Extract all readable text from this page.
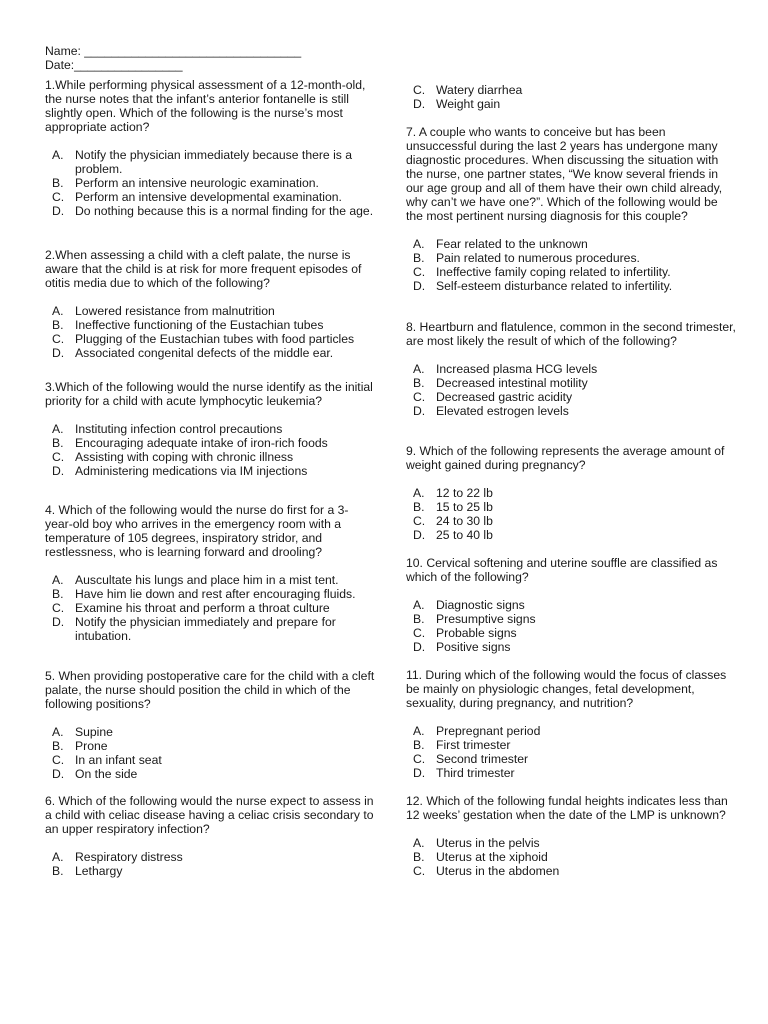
Name: ________________________________
Date:________________

1.While performing physical assessment of a 12-month-old, the nurse notes that the infant’s anterior fontanelle is still slightly open. Which of the following is the nurse’s most appropriate action?

A. Notify the physician immediately because there is a problem.
B. Perform an intensive neurologic examination.
C. Perform an intensive developmental examination.
D. Do nothing because this is a normal finding for the age.

2.When assessing a child with a cleft palate, the nurse is aware that the child is at risk for more frequent episodes of otitis media due to which of the following?

A. Lowered resistance from malnutrition
B. Ineffective functioning of the Eustachian tubes
C. Plugging of the Eustachian tubes with food particles
D. Associated congenital defects of the middle ear.

3.Which of the following would the nurse identify as the initial priority for a child with acute lymphocytic leukemia?

A. Instituting infection control precautions
B. Encouraging adequate intake of iron-rich foods
C. Assisting with coping with chronic illness
D. Administering medications via IM injections

4. Which of the following would the nurse do first for a 3-year-old boy who arrives in the emergency room with a temperature of 105 degrees, inspiratory stridor, and restlessness, who is learning forward and drooling?

A. Auscultate his lungs and place him in a mist tent.
B. Have him lie down and rest after encouraging fluids.
C. Examine his throat and perform a throat culture
D. Notify the physician immediately and prepare for intubation.

5. When providing postoperative care for the child with a cleft palate, the nurse should position the child in which of the following positions?

A. Supine
B. Prone
C. In an infant seat
D. On the side

6. Which of the following would the nurse expect to assess in a child with celiac disease having a celiac crisis secondary to an upper respiratory infection?

A. Respiratory distress
B. Lethargy
C. Watery diarrhea
D. Weight gain

7. A couple who wants to conceive but has been unsuccessful during the last 2 years has undergone many diagnostic procedures. When discussing the situation with the nurse, one partner states, “We know several friends in our age group and all of them have their own child already, why can’t we have one?”. Which of the following would be the most pertinent nursing diagnosis for this couple?

A. Fear related to the unknown
B. Pain related to numerous procedures.
C. Ineffective family coping related to infertility.
D. Self-esteem disturbance related to infertility.

8. Heartburn and flatulence, common in the second trimester, are most likely the result of which of the following?

A. Increased plasma HCG levels
B. Decreased intestinal motility
C. Decreased gastric acidity
D. Elevated estrogen levels

9. Which of the following represents the average amount of weight gained during pregnancy?

A. 12 to 22 lb
B. 15 to 25 lb
C. 24 to 30 lb
D. 25 to 40 lb

10. Cervical softening and uterine souffle are classified as which of the following?

A. Diagnostic signs
B. Presumptive signs
C. Probable signs
D. Positive signs

11. During which of the following would the focus of classes be mainly on physiologic changes, fetal development, sexuality, during pregnancy, and nutrition?

A. Prepregnant period
B. First trimester
C. Second trimester
D. Third trimester

12. Which of the following fundal heights indicates less than 12 weeks’ gestation when the date of the LMP is unknown?

A. Uterus in the pelvis
B. Uterus at the xiphoid
C. Uterus in the abdomen
